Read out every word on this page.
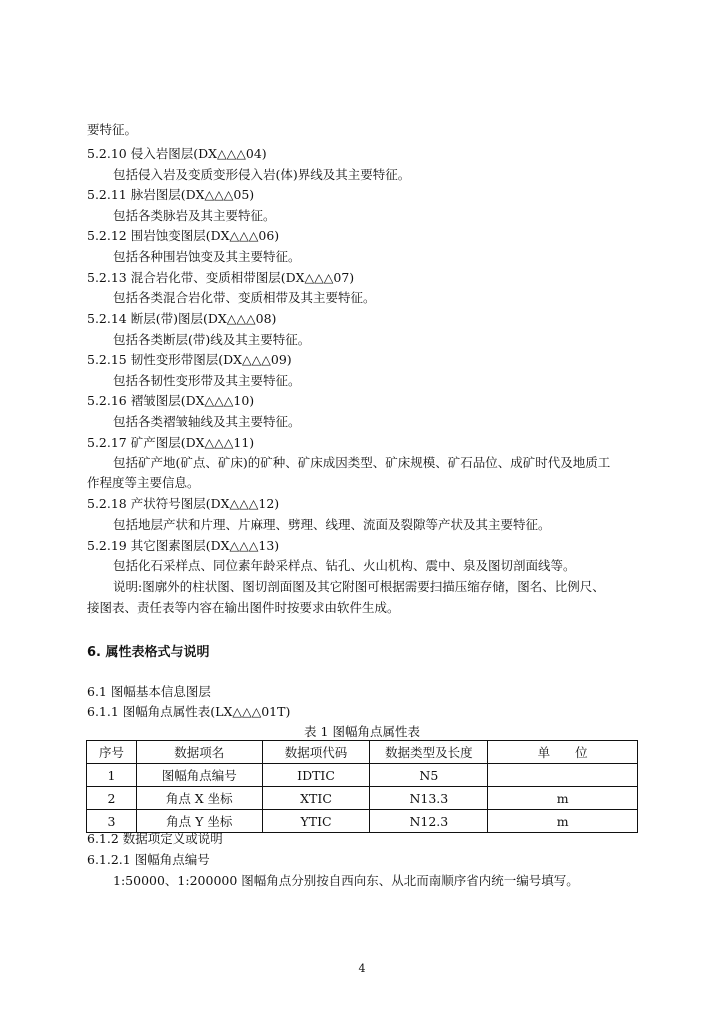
要特征。
5.2.10 侵入岩图层(DX△△△04)
包括侵入岩及变质变形侵入岩(体)界线及其主要特征。
5.2.11 脉岩图层(DX△△△05)
包括各类脉岩及其主要特征。
5.2.12 围岩蚀变图层(DX△△△06)
包括各种围岩蚀变及其主要特征。
5.2.13 混合岩化带、变质相带图层(DX△△△07)
包括各类混合岩化带、变质相带及其主要特征。
5.2.14 断层(带)图层(DX△△△08)
包括各类断层(带)线及其主要特征。
5.2.15 韧性变形带图层(DX△△△09)
包括各韧性变形带及其主要特征。
5.2.16 褶皱图层(DX△△△10)
包括各类褶皱轴线及其主要特征。
5.2.17 矿产图层(DX△△△11)
包括矿产地(矿点、矿床)的矿种、矿床成因类型、矿床规模、矿石品位、成矿时代及地质工
作程度等主要信息。
5.2.18 产状符号图层(DX△△△12)
包括地层产状和片理、片麻理、劈理、线理、流面及裂隙等产状及其主要特征。
5.2.19 其它图素图层(DX△△△13)
包括化石采样点、同位素年龄采样点、钻孔、火山机构、震中、泉及图切剖面线等。
说明:图廓外的柱状图、图切剖面图及其它附图可根据需要扫描压缩存储，图名、比例尺、
接图表、责任表等内容在输出图件时按要求由软件生成。
6. 属性表格式与说明
6.1 图幅基本信息图层
6.1.1 图幅角点属性表(LX△△△01T)
表 1 图幅角点属性表
序号	数据项名	数据项代码	数据类型及长度	单　　位
1	图幅角点编号	IDTIC	N5	
2	角点 X 坐标	XTIC	N13.3	m
3	角点 Y 坐标	YTIC	N12.3	m
6.1.2 数据项定义或说明
6.1.2.1 图幅角点编号
1:50000、1:200000 图幅角点分别按自西向东、从北而南顺序省内统一编号填写。
4
